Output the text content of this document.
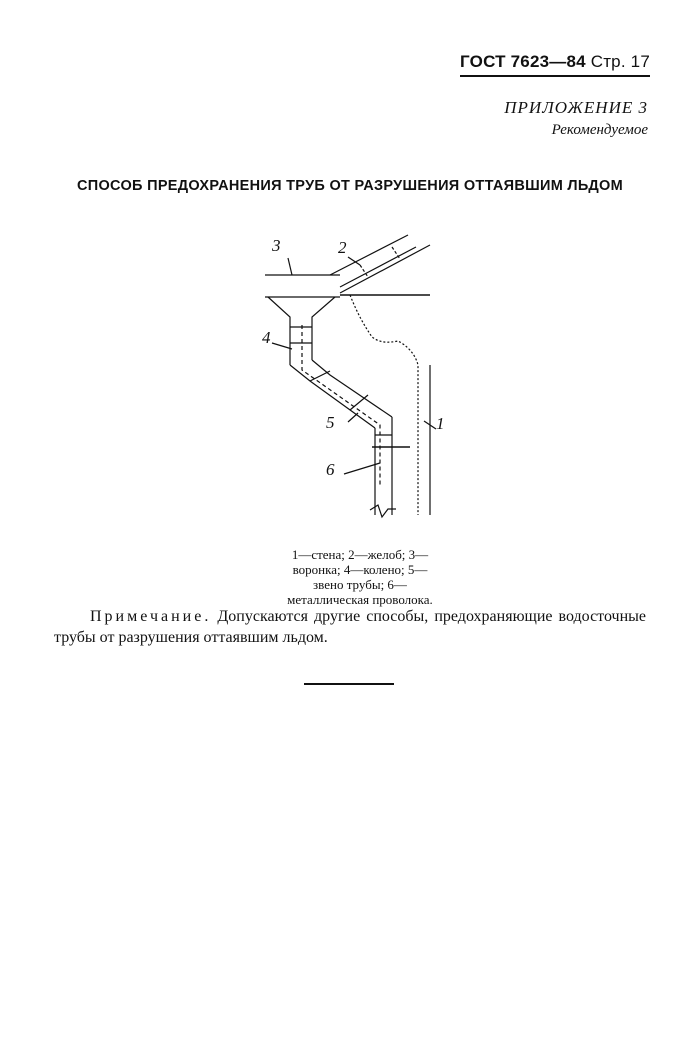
ГОСТ 7623—84 Стр. 17
ПРИЛОЖЕНИЕ 3
Рекомендуемое
СПОСОБ ПРЕДОХРАНЕНИЯ ТРУБ ОТ РАЗРУШЕНИЯ ОТТАЯВШИМ ЛЬДОМ
3	2
4
5
6
1
1—стена; 2—желоб; 3—
воронка; 4—колено; 5—
звено трубы; 6—
металлическая проволока.
Примечание. Допускаются другие способы, предохраняющие водосточные трубы от разрушения оттаявшим льдом.
